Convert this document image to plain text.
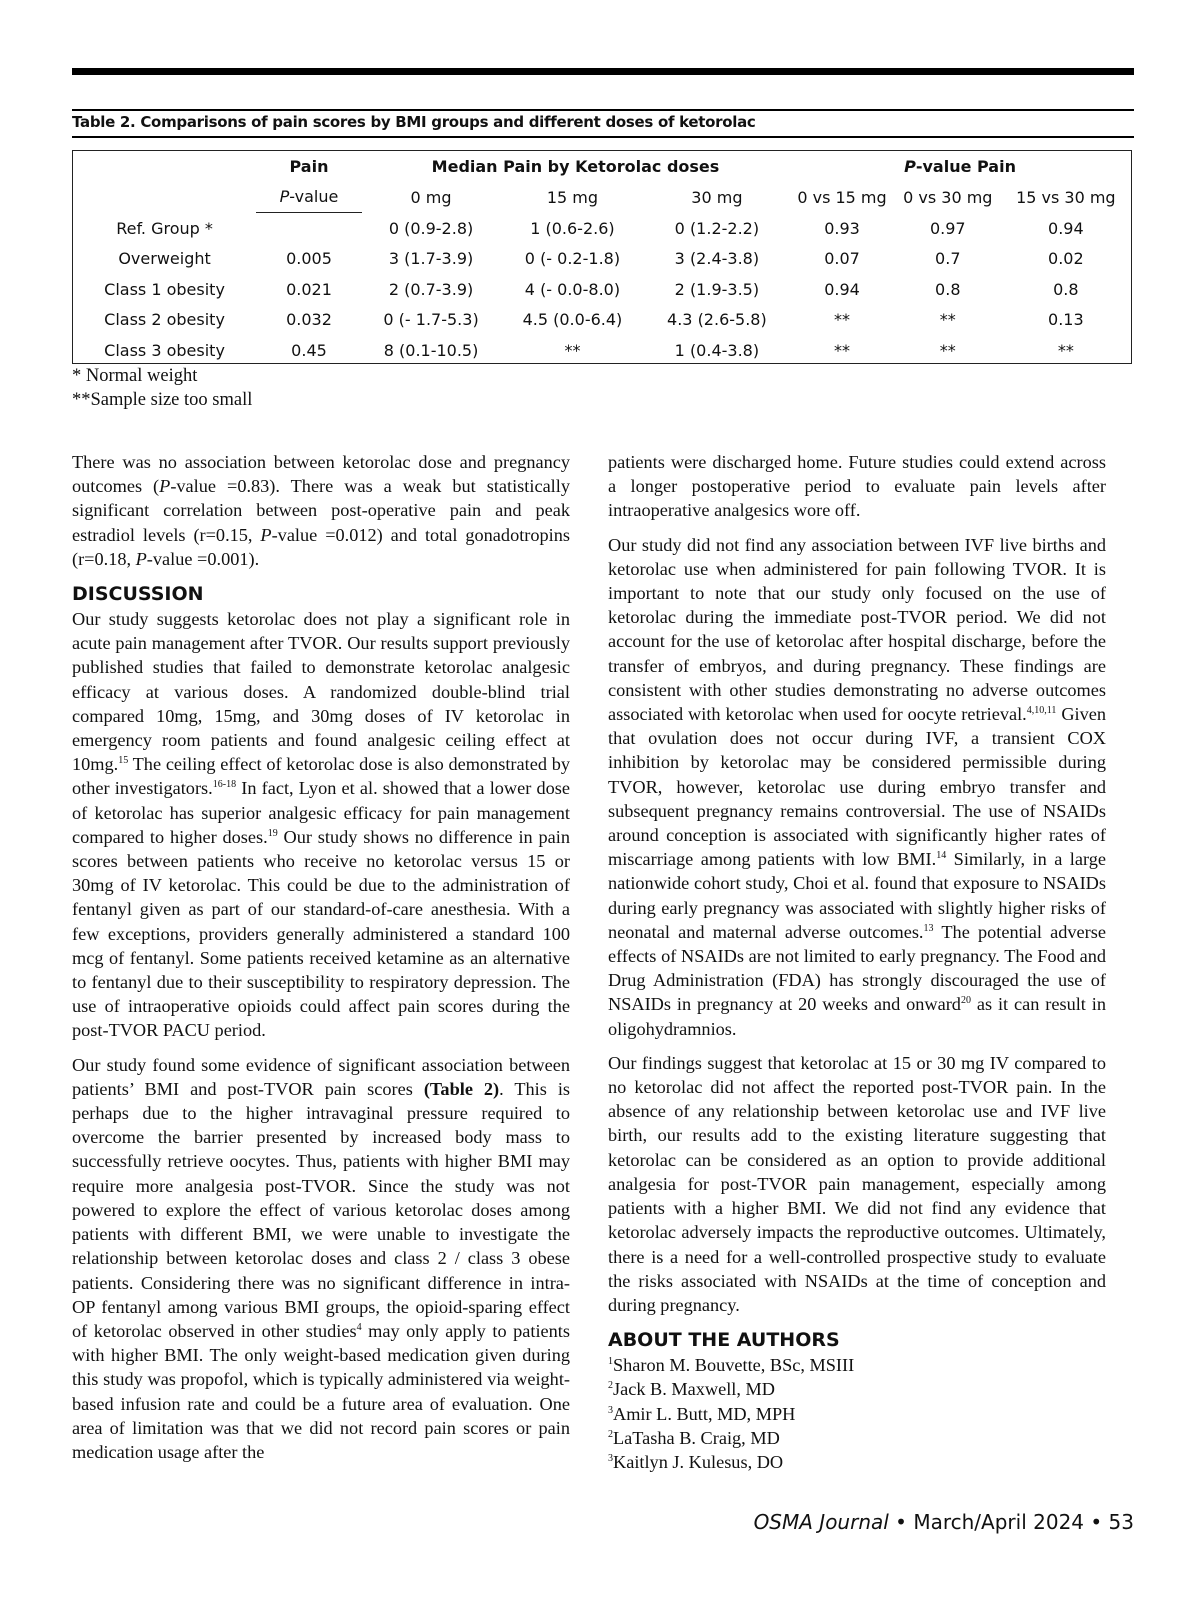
Table 2. Comparisons of pain scores by BMI groups and different doses of ketorolac
	Pain	Median Pain by Ketorolac doses			P-value Pain		
	P-value	0 mg	15 mg	30 mg	0 vs 15 mg	0 vs 30 mg	15 vs 30 mg
Ref. Group *		0 (0.9-2.8)	1 (0.6-2.6)	0 (1.2-2.2)	0.93	0.97	0.94
Overweight	0.005	3 (1.7-3.9)	0 (- 0.2-1.8)	3 (2.4-3.8)	0.07	0.7	0.02
Class 1 obesity	0.021	2 (0.7-3.9)	4 (- 0.0-8.0)	2 (1.9-3.5)	0.94	0.8	0.8
Class 2 obesity	0.032	0 (- 1.7-5.3)	4.5 (0.0-6.4)	4.3 (2.6-5.8)	**	**	0.13
Class 3 obesity	0.45	8 (0.1-10.5)	**	1 (0.4-3.8)	**	**	**
* Normal weight
**Sample size too small

There was no association between ketorolac dose and pregnancy outcomes (P-value =0.83). There was a weak but statistically significant correlation between post-operative pain and peak estradiol levels (r=0.15, P-value =0.012) and total gonadotropins (r=0.18, P-value =0.001).

DISCUSSION

Our study suggests ketorolac does not play a significant role in acute pain management after TVOR. Our results support previously published studies that failed to demonstrate ketorolac analgesic efficacy at various doses. A randomized double-blind trial compared 10mg, 15mg, and 30mg doses of IV ketorolac in emergency room patients and found analgesic ceiling effect at 10mg.$^{15}$ The ceiling effect of ketorolac dose is also demonstrated by other investigators.$^{16-18}$ In fact, Lyon et al. showed that a lower dose of ketorolac has superior analgesic efficacy for pain management compared to higher doses.$^{19}$ Our study shows no difference in pain scores between patients who receive no ketorolac versus 15 or 30mg of IV ketorolac. This could be due to the administration of fentanyl given as part of our standard-of-care anesthesia. With a few exceptions, providers generally administered a standard 100 mcg of fentanyl. Some patients received ketamine as an alternative to fentanyl due to their susceptibility to respiratory depression. The use of intraoperative opioids could affect pain scores during the post-TVOR PACU period.

Our study found some evidence of significant association between patients’ BMI and post-TVOR pain scores (Table 2). This is perhaps due to the higher intravaginal pressure required to overcome the barrier presented by increased body mass to successfully retrieve oocytes. Thus, patients with higher BMI may require more analgesia post-TVOR. Since the study was not powered to explore the effect of various ketorolac doses among patients with different BMI, we were unable to investigate the relationship between ketorolac doses and class 2 / class 3 obese patients. Considering there was no significant difference in intra-OP fentanyl among various BMI groups, the opioid-sparing effect of ketorolac observed in other studies$^4$ may only apply to patients with higher BMI. The only weight-based medication given during this study was propofol, which is typically administered via weight-based infusion rate and could be a future area of evaluation. One area of limitation was that we did not record pain scores or pain medication usage after the

patients were discharged home. Future studies could extend across a longer postoperative period to evaluate pain levels after intraoperative analgesics wore off.

Our study did not find any association between IVF live births and ketorolac use when administered for pain following TVOR. It is important to note that our study only focused on the use of ketorolac during the immediate post-TVOR period. We did not account for the use of ketorolac after hospital discharge, before the transfer of embryos, and during pregnancy. These findings are consistent with other studies demonstrating no adverse outcomes associated with ketorolac when used for oocyte retrieval.$^{4,10,11}$ Given that ovulation does not occur during IVF, a transient COX inhibition by ketorolac may be considered permissible during TVOR, however, ketorolac use during embryo transfer and subsequent pregnancy remains controversial. The use of NSAIDs around conception is associated with significantly higher rates of miscarriage among patients with low BMI.$^{14}$ Similarly, in a large nationwide cohort study, Choi et al. found that exposure to NSAIDs during early pregnancy was associated with slightly higher risks of neonatal and maternal adverse outcomes.$^{13}$ The potential adverse effects of NSAIDs are not limited to early pregnancy. The Food and Drug Administration (FDA) has strongly discouraged the use of NSAIDs in pregnancy at 20 weeks and onward$^{20}$ as it can result in oligohydramnios.

Our findings suggest that ketorolac at 15 or 30 mg IV compared to no ketorolac did not affect the reported post-TVOR pain. In the absence of any relationship between ketorolac use and IVF live birth, our results add to the existing literature suggesting that ketorolac can be considered as an option to provide additional analgesia for post-TVOR pain management, especially among patients with a higher BMI. We did not find any evidence that ketorolac adversely impacts the reproductive outcomes. Ultimately, there is a need for a well-controlled prospective study to evaluate the risks associated with NSAIDs at the time of conception and during pregnancy.

ABOUT THE AUTHORS
$^1$Sharon M. Bouvette, BSc, MSIII
$^2$Jack B. Maxwell, MD
$^3$Amir L. Butt, MD, MPH
$^2$LaTasha B. Craig, MD
$^3$Kaitlyn J. Kulesus, DO
OSMA Journal • March/April 2024 • 53
